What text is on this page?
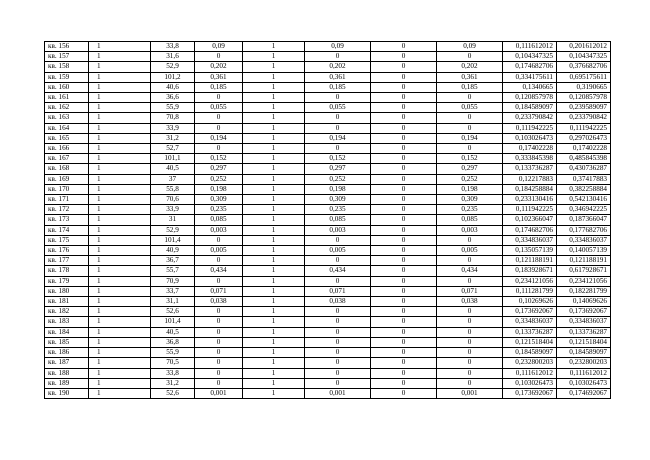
кв. 156	1	33,8	0,09	1	0,09	0	0,09	0,111612012	0,201612012
кв. 157	1	31,6	0	1	0	0	0	0,104347325	0,104347325
кв. 158	1	52,9	0,202	1	0,202	0	0,202	0,174682706	0,376682706
кв. 159	1	101,2	0,361	1	0,361	0	0,361	0,334175611	0,695175611
кв. 160	1	40,6	0,185	1	0,185	0	0,185	0,1340665	0,3190665
кв. 161	1	36,6	0	1	0	0	0	0,120857978	0,120857978
кв. 162	1	55,9	0,055	1	0,055	0	0,055	0,184589097	0,239589097
кв. 163	1	70,8	0	1	0	0	0	0,233790842	0,233790842
кв. 164	1	33,9	0	1	0	0	0	0,111942225	0,111942225
кв. 165	1	31,2	0,194	1	0,194	0	0,194	0,103026473	0,297026473
кв. 166	1	52,7	0	1	0	0	0	0,17402228	0,17402228
кв. 167	1	101,1	0,152	1	0,152	0	0,152	0,333845398	0,485845398
кв. 168	1	40,5	0,297	1	0,297	0	0,297	0,133736287	0,430736287
кв. 169	1	37	0,252	1	0,252	0	0,252	0,12217883	0,37417883
кв. 170	1	55,8	0,198	1	0,198	0	0,198	0,184258884	0,382258884
кв. 171	1	70,6	0,309	1	0,309	0	0,309	0,233130416	0,542130416
кв. 172	1	33,9	0,235	1	0,235	0	0,235	0,111942225	0,346942225
кв. 173	1	31	0,085	1	0,085	0	0,085	0,102366047	0,187366047
кв. 174	1	52,9	0,003	1	0,003	0	0,003	0,174682706	0,177682706
кв. 175	1	101,4	0	1	0	0	0	0,334836037	0,334836037
кв. 176	1	40,9	0,005	1	0,005	0	0,005	0,135057139	0,140057139
кв. 177	1	36,7	0	1	0	0	0	0,121188191	0,121188191
кв. 178	1	55,7	0,434	1	0,434	0	0,434	0,183928671	0,617928671
кв. 179	1	70,9	0	1	0	0	0	0,234121056	0,234121056
кв. 180	1	33,7	0,071	1	0,071	0	0,071	0,111281799	0,182281799
кв. 181	1	31,1	0,038	1	0,038	0	0,038	0,10269626	0,14069626
кв. 182	1	52,6	0	1	0	0	0	0,173692067	0,173692067
кв. 183	1	101,4	0	1	0	0	0	0,334836037	0,334836037
кв. 184	1	40,5	0	1	0	0	0	0,133736287	0,133736287
кв. 185	1	36,8	0	1	0	0	0	0,121518404	0,121518404
кв. 186	1	55,9	0	1	0	0	0	0,184589097	0,184589097
кв. 187	1	70,5	0	1	0	0	0	0,232800203	0,232800203
кв. 188	1	33,8	0	1	0	0	0	0,111612012	0,111612012
кв. 189	1	31,2	0	1	0	0	0	0,103026473	0,103026473
кв. 190	1	52,6	0,001	1	0,001	0	0,001	0,173692067	0,174692067
